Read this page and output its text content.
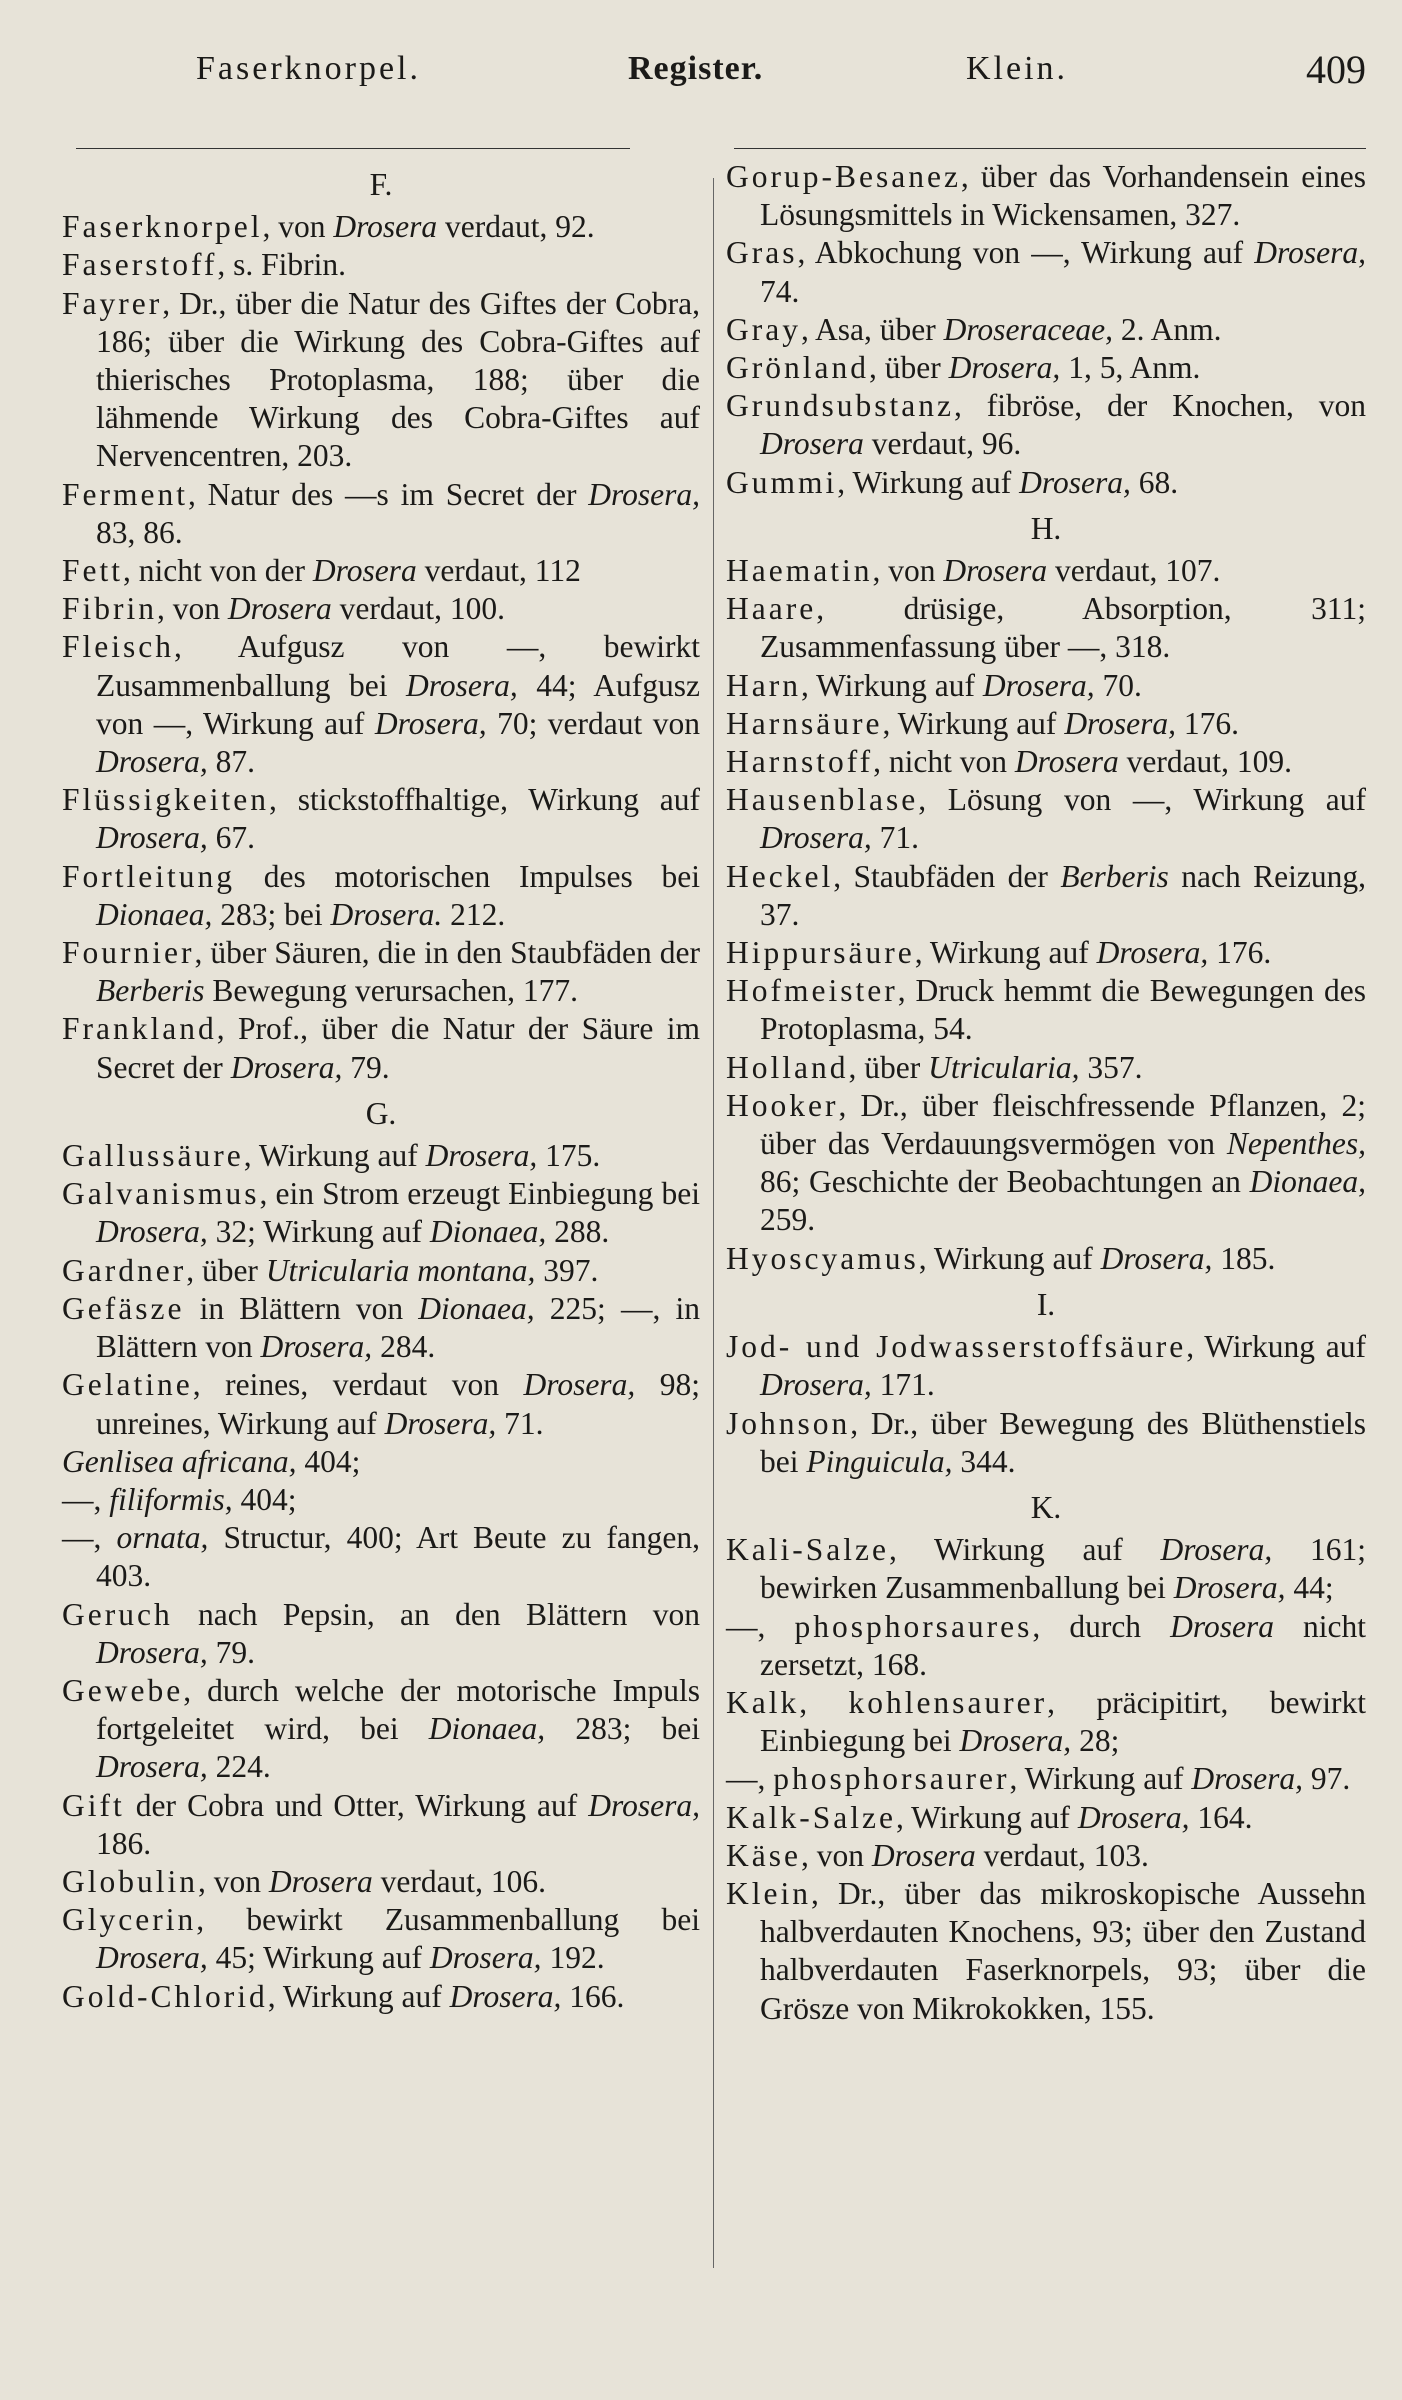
Faserknorpel.	Register.	Klein.	409
F.

Faserknorpel, von Drosera verdaut, 92.

Faserstoff, s. Fibrin.

Fayrer, Dr., über die Natur des Giftes der Cobra, 186; über die Wirkung des Cobra-Giftes auf thierisches Protoplasma, 188; über die lähmende Wirkung des Cobra-Giftes auf Nervencentren, 203.

Ferment, Natur des —s im Secret der Drosera, 83, 86.

Fett, nicht von der Drosera verdaut, 112

Fibrin, von Drosera verdaut, 100.

Fleisch, Aufgusz von —, bewirkt Zusammenballung bei Drosera, 44; Aufgusz von —, Wirkung auf Drosera, 70; verdaut von Drosera, 87.

Flüssigkeiten, stickstoffhaltige, Wirkung auf Drosera, 67.

Fortleitung des motorischen Impulses bei Dionaea, 283; bei Drosera. 212.

Fournier, über Säuren, die in den Staubfäden der Berberis Bewegung verursachen, 177.

Frankland, Prof., über die Natur der Säure im Secret der Drosera, 79.

G.

Gallussäure, Wirkung auf Drosera, 175.

Galvanismus, ein Strom erzeugt Einbiegung bei Drosera, 32; Wirkung auf Dionaea, 288.

Gardner, über Utricularia montana, 397.

Gefäsze in Blättern von Dionaea, 225; —, in Blättern von Drosera, 284.

Gelatine, reines, verdaut von Drosera, 98; unreines, Wirkung auf Drosera, 71.

Genlisea africana, 404;

—, filiformis, 404;

—, ornata, Structur, 400; Art Beute zu fangen, 403.

Geruch nach Pepsin, an den Blättern von Drosera, 79.

Gewebe, durch welche der motorische Impuls fortgeleitet wird, bei Dionaea, 283; bei Drosera, 224.

Gift der Cobra und Otter, Wirkung auf Drosera, 186.

Globulin, von Drosera verdaut, 106.

Glycerin, bewirkt Zusammenballung bei Drosera, 45; Wirkung auf Drosera, 192.

Gold-Chlorid, Wirkung auf Drosera, 166.

Gorup-Besanez, über das Vorhandensein eines Lösungsmittels in Wickensamen, 327.

Gras, Abkochung von —, Wirkung auf Drosera, 74.

Gray, Asa, über Droseraceae, 2. Anm.

Grönland, über Drosera, 1, 5, Anm.

Grundsubstanz, fibröse, der Knochen, von Drosera verdaut, 96.

Gummi, Wirkung auf Drosera, 68.

H.

Haematin, von Drosera verdaut, 107.

Haare, drüsige, Absorption, 311; Zusammenfassung über —, 318.

Harn, Wirkung auf Drosera, 70.

Harnsäure, Wirkung auf Drosera, 176.

Harnstoff, nicht von Drosera verdaut, 109.

Hausenblase, Lösung von —, Wirkung auf Drosera, 71.

Heckel, Staubfäden der Berberis nach Reizung, 37.

Hippursäure, Wirkung auf Drosera, 176.

Hofmeister, Druck hemmt die Bewegungen des Protoplasma, 54.

Holland, über Utricularia, 357.

Hooker, Dr., über fleischfressende Pflanzen, 2; über das Verdauungsvermögen von Nepenthes, 86; Geschichte der Beobachtungen an Dionaea, 259.

Hyoscyamus, Wirkung auf Drosera, 185.

I.

Jod- und Jodwasserstoffsäure, Wirkung auf Drosera, 171.

Johnson, Dr., über Bewegung des Blüthenstiels bei Pinguicula, 344.

K.

Kali-Salze, Wirkung auf Drosera, 161; bewirken Zusammenballung bei Drosera, 44;

—, phosphorsaures, durch Drosera nicht zersetzt, 168.

Kalk, kohlensaurer, präcipitirt, bewirkt Einbiegung bei Drosera, 28;

—, phosphorsaurer, Wirkung auf Drosera, 97.

Kalk-Salze, Wirkung auf Drosera, 164.

Käse, von Drosera verdaut, 103.

Klein, Dr., über das mikroskopische Aussehn halbverdauten Knochens, 93; über den Zustand halbverdauten Faserknorpels, 93; über die Grösze von Mikrokokken, 155.
